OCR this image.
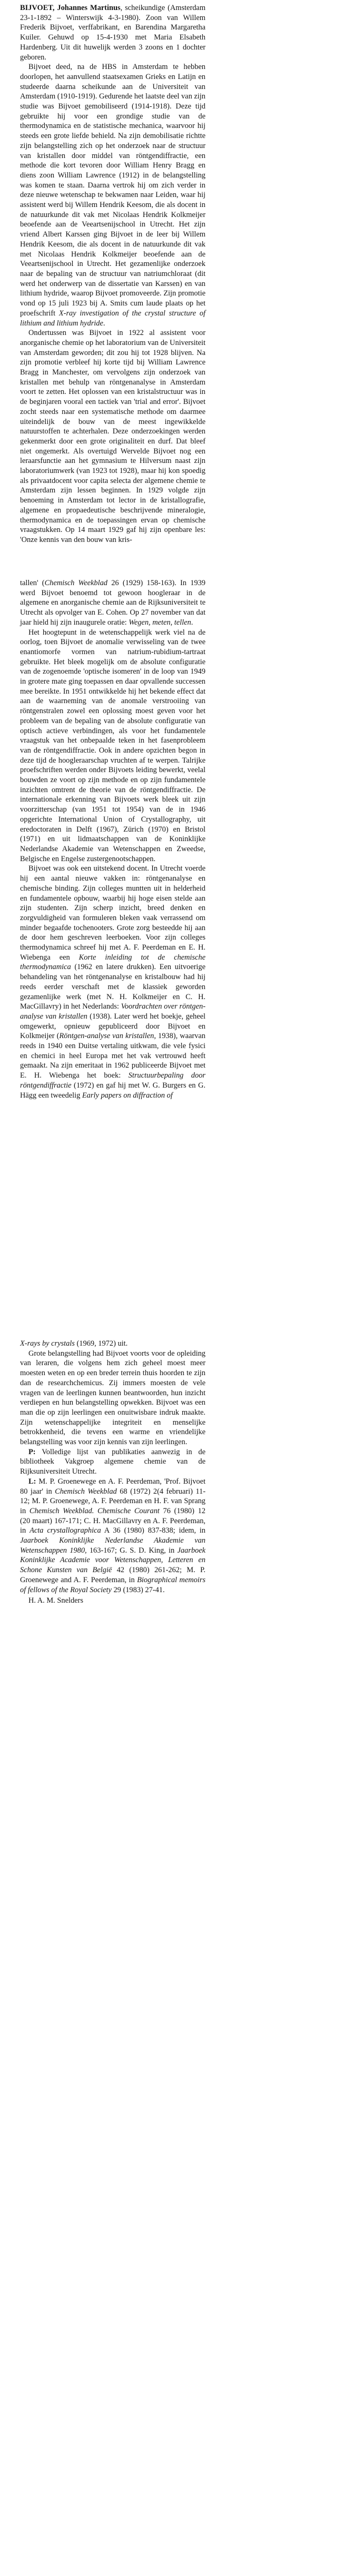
BIJVOET, Johannes Martinus, scheikundige (Amsterdam 23-1-1892 – Winterswijk 4-3-1980). Zoon van Willem Frederik Bijvoet, verffabrikant, en Barendina Margaretha Kuiler. Gehuwd op 15-4-1930 met Maria Elsabeth Hardenberg. Uit dit huwelijk werden 3 zoons en 1 dochter geboren.

Bijvoet deed, na de HBS in Amsterdam te hebben doorlopen, het aanvullend staatsexamen Grieks en Latijn en studeerde daarna scheikunde aan de Universiteit van Amsterdam (1910-1919). Gedurende het laatste deel van zijn studie was Bijvoet gemobiliseerd (1914-1918). Deze tijd gebruikte hij voor een grondige studie van de thermodynamica en de statistische mechanica, waarvoor hij steeds een grote liefde behield. Na zijn demobilisatie richtte zijn belangstelling zich op het onderzoek naar de structuur van kristallen door middel van röntgendiffractie, een methode die kort tevoren door William Henry Bragg en diens zoon William Lawrence (1912) in de belangstelling was komen te staan. Daarna vertrok hij om zich verder in deze nieuwe wetenschap te bekwamen naar Leiden, waar hij assistent werd bij Willem Hendrik Keesom, die als docent in de natuurkunde dit vak met Nicolaas Hendrik Kolkmeijer beoefende aan de Veeartsenijschool in Utrecht. Het zijn vriend Albert Karssen ging Bijvoet in de leer bij Willem Hendrik Keesom, die als docent in de natuurkunde dit vak met Nicolaas Hendrik Kolkmeijer beoefende aan de Veeartsenijschool in Utrecht. Het gezamenlijke onderzoek naar de bepaling van de structuur van natriumchloraat (dit werd het onderwerp van de dissertatie van Karssen) en van lithium hydride, waarop Bijvoet promoveerde. Zijn promotie vond op 15 juli 1923 bij A. Smits cum laude plaats op het proefschrift X-ray investigation of the crystal structure of lithium and lithium hydride.

Ondertussen was Bijvoet in 1922 al assistent voor anorganische chemie op het laboratorium van de Universiteit van Amsterdam geworden; dit zou hij tot 1928 blijven. Na zijn promotie verbleef hij korte tijd bij William Lawrence Bragg in Manchester, om vervolgens zijn onderzoek van kristallen met behulp van röntgenanalyse in Amsterdam voort te zetten. Het oplossen van een kristalstructuur was in de beginjaren vooral een tactiek van 'trial and error'. Bijvoet zocht steeds naar een systematische methode om daarmee uiteindelijk de bouw van de meest ingewikkelde natuurstoffen te achterhalen. Deze onderzoekingen werden gekenmerkt door een grote originaliteit en durf. Dat bleef niet ongemerkt. Als overtuigd Wervelde Bijvoet nog een leraarsfunctie aan het gymnasium te Hilversum naast zijn laboratoriumwerk (van 1923 tot 1928), maar hij kon spoedig als privaatdocent voor capita selecta der algemene chemie te Amsterdam zijn lessen beginnen. In 1929 volgde zijn benoeming in Amsterdam tot lector in de kristallografie, algemene en propaedeutische beschrijvende mineralogie, thermodynamica en de toepassingen ervan op chemische vraagstukken. Op 14 maart 1929 gaf hij zijn openbare les: 'Onze kennis van den bouw van kris-

tallen' (Chemisch Weekblad 26 (1929) 158-163). In 1939 werd Bijvoet benoemd tot gewoon hoogleraar in de algemene en anorganische chemie aan de Rijksuniversiteit te Utrecht als opvolger van E. Cohen. Op 27 november van dat jaar hield hij zijn inaugurele oratie: Wegen, meten, tellen.

Het hoogtepunt in de wetenschappelijk werk viel na de oorlog, toen Bijvoet de anomalie verwisseling van de twee enantiomorfe vormen van natrium-rubidium-tartraat gebruikte. Het bleek mogelijk om de absolute configuratie van de zogenoemde 'optische isomeren' in de loop van 1949 in grotere mate ging toepassen en daar opvallende successen mee bereikte. In 1951 ontwikkelde hij het bekende effect dat aan de waarneming van de anomale verstrooiing van röntgenstralen zowel een oplossing moest geven voor het probleem van de bepaling van de absolute configuratie van optisch actieve verbindingen, als voor het fundamentele vraagstuk van het onbepaalde teken in het fasenprobleem van de röntgendiffractie. Ook in andere opzichten begon in deze tijd de hoogleraarschap vruchten af te werpen. Talrijke proefschriften werden onder Bijvoets leiding bewerkt, veelal bouwden ze voort op zijn methode en op zijn fundamentele inzichten omtrent de theorie van de röntgendiffractie. De internationale erkenning van Bijvoets werk bleek uit zijn voorzitterschap (van 1951 tot 1954) van de in 1946 opgerichte International Union of Crystallography, uit eredoctoraten in Delft (1967), Zürich (1970) en Bristol (1971) en uit lidmaatschappen van de Koninklijke Nederlandse Akademie van Wetenschappen en Zweedse, Belgische en Engelse zustergenootschappen.

Bijvoet was ook een uitstekend docent. In Utrecht voerde hij een aantal nieuwe vakken in: röntgenanalyse en chemische binding. Zijn colleges muntten uit in helderheid en fundamentele opbouw, waarbij hij hoge eisen stelde aan zijn studenten. Zijn scherp inzicht, breed denken en zorgvuldigheid van formuleren bleken vaak verrassend om minder begaafde tochenooters. Grote zorg besteedde hij aan de door hem geschreven leerboeken. Voor zijn colleges thermodynamica schreef hij met A. F. Peerdeman en E. H. Wiebenga een Korte inleiding tot de chemische thermodynamica (1962 en latere drukken). Een uitvoerige behandeling van het röntgenanalyse en kristalbouw had hij reeds eerder verschaft met de klassiek geworden gezamenlijke werk (met N. H. Kolkmeijer en C. H. MacGillavry) in het Nederlands: Voordrachten over röntgen-analyse van kristallen (1938). Later werd het boekje, geheel omgewerkt, opnieuw gepubliceerd door Bijvoet en Kolkmeijer (Röntgen-analyse van kristallen, 1938), waarvan reeds in 1940 een Duitse vertaling uitkwam, die vele fysici en chemici in heel Europa met het vak vertrouwd heeft gemaakt. Na zijn emeritaat in 1962 publiceerde Bijvoet met E. H. Wiebenga het boek: Structuurbepaling door röntgendiffractie (1972) en gaf hij met W. G. Burgers en G. Hägg een tweedelig Early papers on diffraction of

X-rays by crystals (1969, 1972) uit.

Grote belangstelling had Bijvoet voorts voor de opleiding van leraren, die volgens hem zich geheel moest meer moesten weten en op een breder terrein thuis hoorden te zijn dan de researchchemicus. Zij immers moesten de vele vragen van de leerlingen kunnen beantwoorden, hun inzicht verdiepen en hun belangstelling opwekken. Bijvoet was een man die op zijn leerlingen een onuitwisbare indruk maakte. Zijn wetenschappelijke integriteit en menselijke betrokkenheid, die tevens een warme en vriendelijke belangstelling was voor zijn kennis van zijn leerlingen.

P: Volledige lijst van publikaties aanwezig in de bibliotheek Vakgroep algemene chemie van de Rijksuniversiteit Utrecht.

L: M. P. Groenewege en A. F. Peerdeman, 'Prof. Bijvoet 80 jaar' in Chemisch Weekblad 68 (1972) 2(4 februari) 11-12; M. P. Groenewege, A. F. Peerdeman en H. F. van Sprang in Chemisch Weekblad. Chemische Courant 76 (1980) 12 (20 maart) 167-171; C. H. MacGillavry en A. F. Peerdeman, in Acta crystallographica A 36 (1980) 837-838; idem, in Jaarboek Koninklijke Nederlandse Akademie van Wetenschappen 1980, 163-167; G. S. D. King, in Jaarboek Koninklijke Academie voor Wetenschappen, Letteren en Schone Kunsten van België 42 (1980) 261-262; M. P. Groenewege and A. F. Peerdeman, in Biographical memoirs of fellows of the Royal Society 29 (1983) 27-41.

H. A. M. Snelders
